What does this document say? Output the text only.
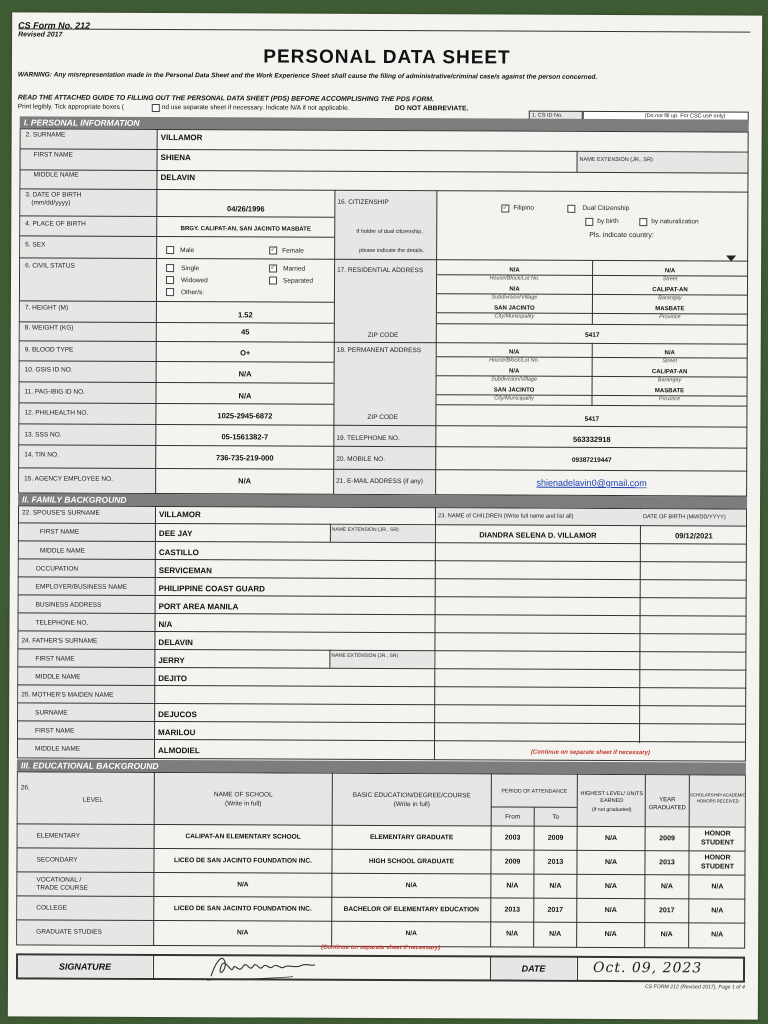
CS Form No. 212
Revised 2017
PERSONAL DATA SHEET
WARNING: Any misrepresentation made in the Personal Data Sheet and the Work Experience Sheet shall cause the filing of administrative/criminal case/s against the person concerned.
READ THE ATTACHED GUIDE TO FILLING OUT THE PERSONAL DATA SHEET (PDS) BEFORE ACCOMPLISHING THE PDS FORM.
Print legibly. Tick appropriate boxes (	nd use separate sheet if necessary. Indicate N/A if not applicable.	DO NOT ABBREVIATE.
1. CS ID No.	(Do not fill up. For CSC use only)
I. PERSONAL INFORMATION
2. SURNAME	VILLAMOR
FIRST NAME	SHIENA	NAME EXTENSION (JR., SR)
MIDDLE NAME	DELAVIN
3. DATE OF BIRTH
(mm/dd/yyyy)
04/26/1996
16. CITIZENSHIP
✓ Filipino	Dual Citizenship
by birth	by naturalization
Pls. indicate country:
4. PLACE OF BIRTH
BRGY. CALIPAT-AN, SAN JACINTO MASBATE	If holder of dual citizenship,
5. SEX
Male	✓ Female	please indicate the details.
6. CIVIL STATUS	Single	✓ Married
Widowed	Separated
Other/s:
17. RESIDENTIAL ADDRESS	N/A	N/A
House/Block/Lot No.	Street
N/A	CALIPAT-AN
Subdivision/Village	Barangay
SAN JACINTO	MASBATE
City/Municipality	Province
7. HEIGHT (M)
1.52
8. WEIGHT (KG)	45	ZIP CODE	5417
9. BLOOD TYPE	O+	18. PERMANENT ADDRESS	N/A	N/A
House/Block/Lot No.	Street
N/A	CALIPAT-AN
Subdivision/Village	Barangay
SAN JACINTO	MASBATE
City/Municipality	Province
10. GSIS ID NO.	N/A
11. PAG-IBIG ID NO.	N/A
12. PHILHEALTH NO.	1025-2945-6872	ZIP CODE	5417
13. SSS NO.	05-1561382-7	19. TELEPHONE NO.	563332918
14. TIN NO.	736-735-219-000	20. MOBILE NO.	09387219447
15. AGENCY EMPLOYEE NO.	N/A	21. E-MAIL ADDRESS (if any)	shienadelavin0@gmail.com
II. FAMILY BACKGROUND
22. SPOUSE'S SURNAME	VILLAMOR	23. NAME of CHILDREN (Write full name and list all)	DATE OF BIRTH (MM/DD/YYYY)
FIRST NAME	DEE JAY	NAME EXTENSION (JR., SR)
DIANDRA SELENA D. VILLAMOR	09/12/2021
MIDDLE NAME	CASTILLO
OCCUPATION	SERVICEMAN
EMPLOYER/BUSINESS NAME	PHILIPPINE COAST GUARD
BUSINESS ADDRESS	PORT AREA MANILA
TELEPHONE NO.	N/A
24. FATHER'S SURNAME	DELAVIN
FIRST NAME	JERRY
NAME EXTENSION (JR., SR)
MIDDLE NAME	DEJITO
25. MOTHER'S MAIDEN NAME
SURNAME	DEJUCOS
FIRST NAME	MARILOU
MIDDLE NAME	ALMODIEL	(Continue on separate sheet if necessary)
III. EDUCATIONAL BACKGROUND
26.
LEVEL
NAME OF SCHOOL
(Write in full)
BASIC EDUCATION/DEGREE/COURSE
(Write in full)
PERIOD OF ATTENDANCE
From	To
HIGHEST LEVEL/ UNITS EARNED
(if not graduated)
YEAR GRADUATED
SCHOLARSHIP/ ACADEMIC HONORS RECEIVED
ELEMENTARY	CALIPAT-AN ELEMENTARY SCHOOL	ELEMENTARY GRADUATE	2003	2009	N/A	2009
HONOR
STUDENT
SECONDARY	LICEO DE SAN JACINTO FOUNDATION INC.	HIGH SCHOOL GRADUATE	2009	2013	N/A	2013
HONOR
STUDENT
VOCATIONAL /
TRADE COURSE	N/A	N/A	N/A	N/A	N/A	N/A	N/A
COLLEGE	LICEO DE SAN JACINTO FOUNDATION INC.	BACHELOR OF ELEMENTARY EDUCATION	2013	2017	N/A	2017	N/A
GRADUATE STUDIES	N/A	N/A	N/A	N/A	N/A	N/A	N/A
(Continue on separate sheet if necessary)
SIGNATURE	DATE	Oct. 09, 2023
CS FORM 212 (Revised 2017), Page 1 of 4
